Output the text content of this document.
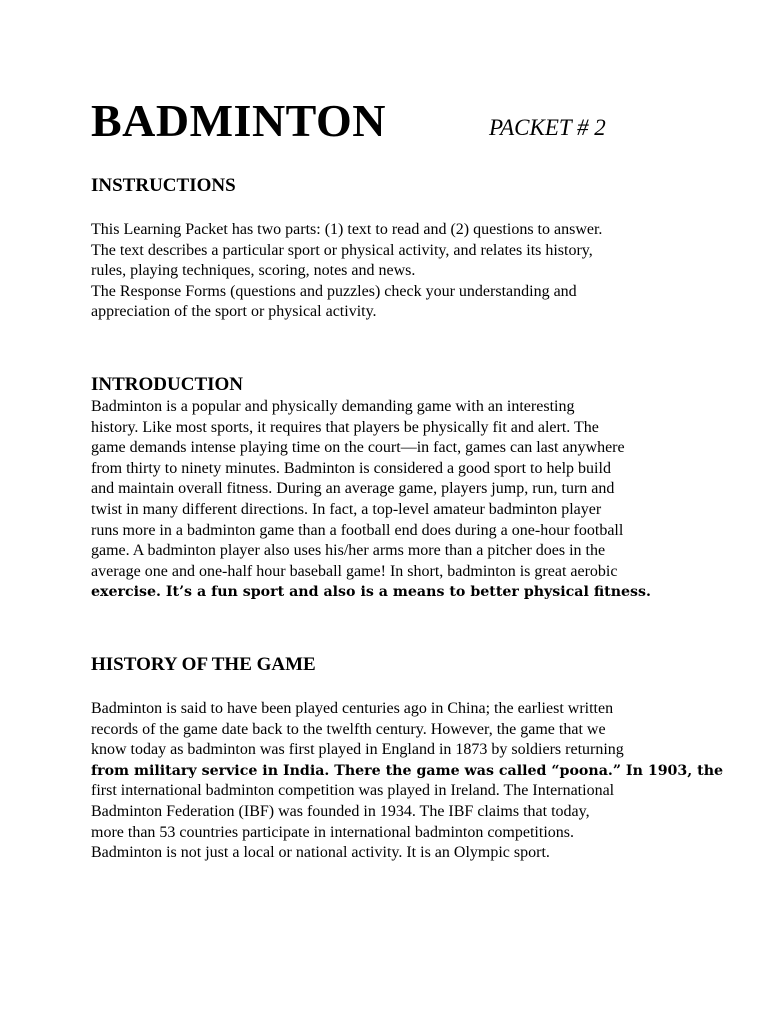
BADMINTON	PACKET # 2
INSTRUCTIONS
This Learning Packet has two parts: (1) text to read and (2) questions to answer.
The text describes a particular sport or physical activity, and relates its history,
rules, playing techniques, scoring, notes and news.
The Response Forms (questions and puzzles) check your understanding and
appreciation of the sport or physical activity.
INTRODUCTION
Badminton is a popular and physically demanding game with an interesting
history. Like most sports, it requires that players be physically fit and alert. The
game demands intense playing time on the court—in fact, games can last anywhere
from thirty to ninety minutes. Badminton is considered a good sport to help build
and maintain overall fitness. During an average game, players jump, run, turn and
twist in many different directions. In fact, a top-level amateur badminton player
runs more in a badminton game than a football end does during a one-hour football
game. A badminton player also uses his/her arms more than a pitcher does in the
average one and one-half hour baseball game! In short, badminton is great aerobic
exercise. It’s a fun sport and also is a means to better physical fitness.
HISTORY OF THE GAME
Badminton is said to have been played centuries ago in China; the earliest written
records of the game date back to the twelfth century. However, the game that we
know today as badminton was first played in England in 1873 by soldiers returning
from military service in India. There the game was called “poona.” In 1903, the
first international badminton competition was played in Ireland. The International
Badminton Federation (IBF) was founded in 1934. The IBF claims that today,
more than 53 countries participate in international badminton competitions.
Badminton is not just a local or national activity. It is an Olympic sport.
